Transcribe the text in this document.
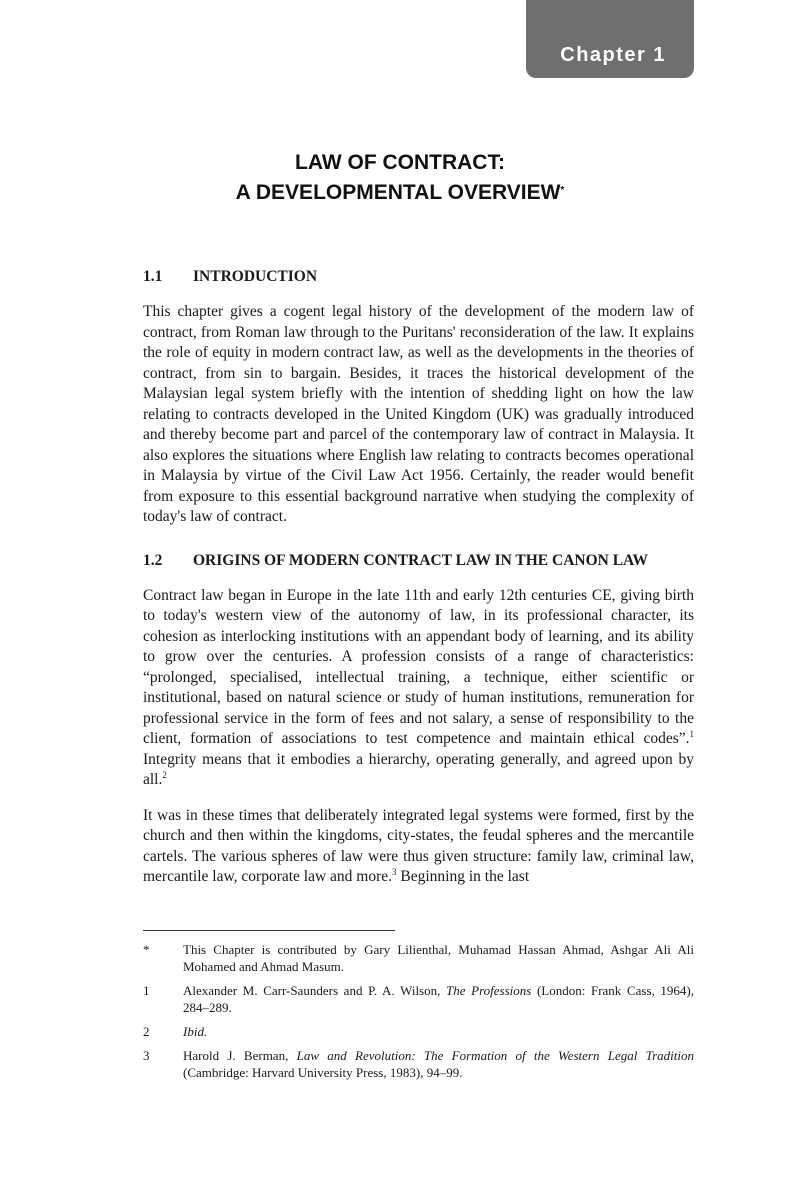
Chapter 1
LAW OF CONTRACT:
A DEVELOPMENTAL OVERVIEW*
1.1	INTRODUCTION

This chapter gives a cogent legal history of the development of the modern law of contract, from Roman law through to the Puritans' reconsideration of the law. It explains the role of equity in modern contract law, as well as the developments in the theories of contract, from sin to bargain. Besides, it traces the historical development of the Malaysian legal system briefly with the intention of shedding light on how the law relating to contracts developed in the United Kingdom (UK) was gradually introduced and thereby become part and parcel of the contemporary law of contract in Malaysia. It also explores the situations where English law relating to contracts becomes operational in Malaysia by virtue of the Civil Law Act 1956. Certainly, the reader would benefit from exposure to this essential background narrative when studying the complexity of today's law of contract.

1.2	ORIGINS OF MODERN CONTRACT LAW IN THE CANON LAW

Contract law began in Europe in the late 11th and early 12th centuries CE, giving birth to today's western view of the autonomy of law, in its professional character, its cohesion as interlocking institutions with an appendant body of learning, and its ability to grow over the centuries. A profession consists of a range of characteristics: “prolonged, specialised, intellectual training, a technique, either scientific or institutional, based on natural science or study of human institutions, remuneration for professional service in the form of fees and not salary, a sense of responsibility to the client, formation of associations to test competence and maintain ethical codes”.$^1$ Integrity means that it embodies a hierarchy, operating generally, and agreed upon by all.$^2$

It was in these times that deliberately integrated legal systems were formed, first by the church and then within the kingdoms, city-states, the feudal spheres and the mercantile cartels. The various spheres of law were thus given structure: family law, criminal law, mercantile law, corporate law and more.$^3$ Beginning in the last

*	This Chapter is contributed by Gary Lilienthal, Muhamad Hassan Ahmad, Ashgar Ali Ali Mohamed and Ahmad Masum.
1	Alexander M. Carr-Saunders and P. A. Wilson, The Professions (London: Frank Cass, 1964), 284–289.
2	Ibid.
3	Harold J. Berman, Law and Revolution: The Formation of the Western Legal Tradition (Cambridge: Harvard University Press, 1983), 94–99.
